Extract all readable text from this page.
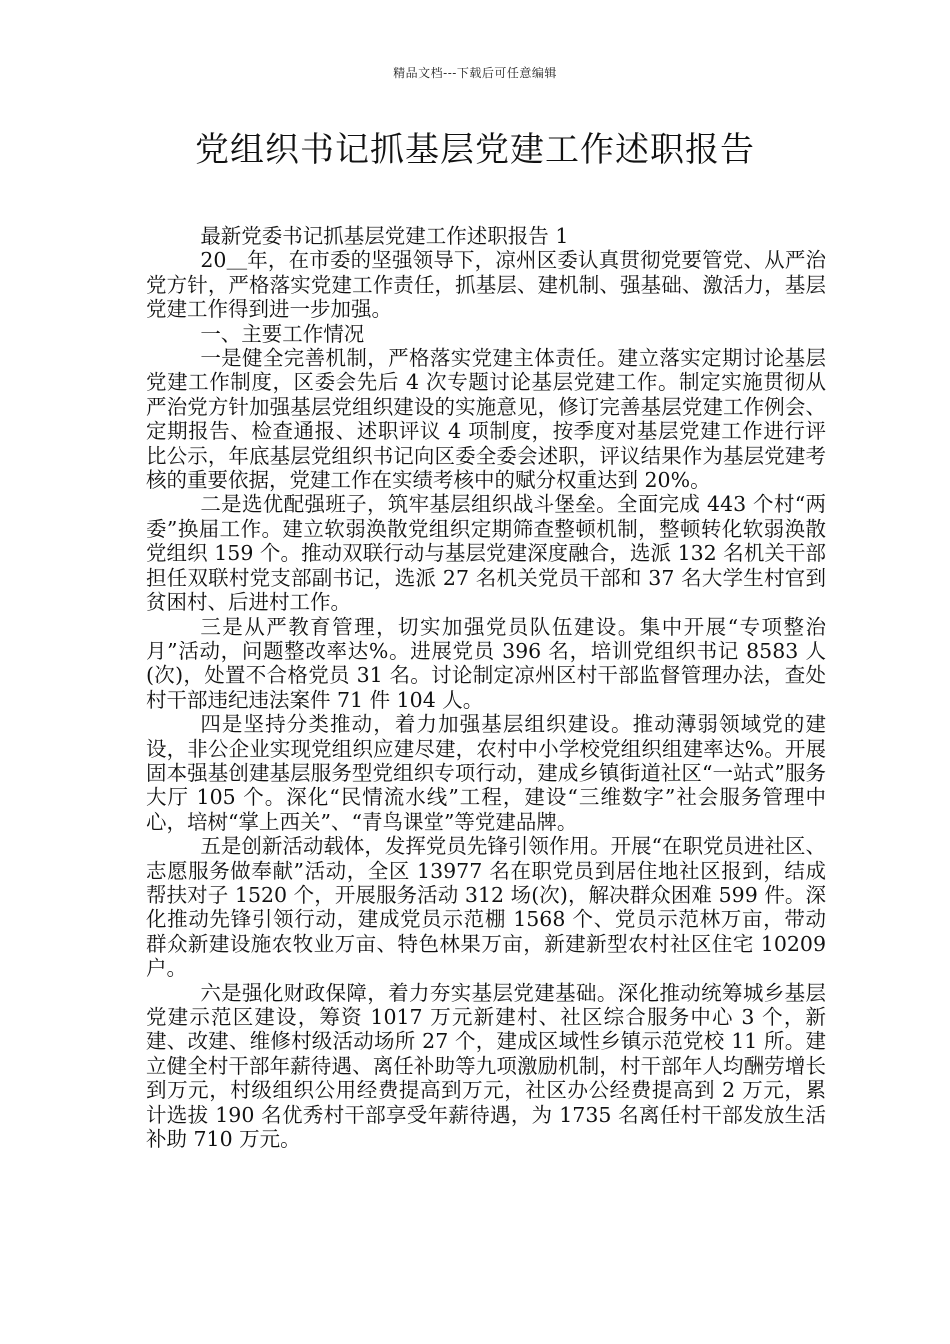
精品文档---下载后可任意编辑
党组织书记抓基层党建工作述职报告

最新党委书记抓基层党建工作述职报告 1

20＿年，在市委的坚强领导下，凉州区委认真贯彻党要管党、从严治党方针，严格落实党建工作责任，抓基层、建机制、强基础、激活力，基层党建工作得到进一步加强。

一、主要工作情况

一是健全完善机制，严格落实党建主体责任。建立落实定期讨论基层党建工作制度，区委会先后 4 次专题讨论基层党建工作。制定实施贯彻从严治党方针加强基层党组织建设的实施意见，修订完善基层党建工作例会、定期报告、检查通报、述职评议 4 项制度，按季度对基层党建工作进行评比公示，年底基层党组织书记向区委全委会述职，评议结果作为基层党建考核的重要依据，党建工作在实绩考核中的赋分权重达到 20%。

二是选优配强班子，筑牢基层组织战斗堡垒。全面完成 443 个村“两委”换届工作。建立软弱涣散党组织定期筛查整顿机制，整顿转化软弱涣散党组织 159 个。推动双联行动与基层党建深度融合，选派 132 名机关干部担任双联村党支部副书记，选派 27 名机关党员干部和 37 名大学生村官到贫困村、后进村工作。

三是从严教育管理，切实加强党员队伍建设。集中开展“专项整治月”活动，问题整改率达%。进展党员 396 名，培训党组织书记 8583 人(次)，处置不合格党员 31 名。讨论制定凉州区村干部监督管理办法，查处村干部违纪违法案件 71 件 104 人。

四是坚持分类推动，着力加强基层组织建设。推动薄弱领域党的建设，非公企业实现党组织应建尽建，农村中小学校党组织组建率达%。开展固本强基创建基层服务型党组织专项行动，建成乡镇街道社区“一站式”服务大厅 105 个。深化“民情流水线”工程，建设“三维数字”社会服务管理中心，培树“掌上西关”、“青鸟课堂”等党建品牌。

五是创新活动载体，发挥党员先锋引领作用。开展“在职党员进社区、志愿服务做奉献”活动，全区 13977 名在职党员到居住地社区报到，结成帮扶对子 1520 个，开展服务活动 312 场(次)，解决群众困难 599 件。深化推动先锋引领行动，建成党员示范棚 1568 个、党员示范林万亩，带动群众新建设施农牧业万亩、特色林果万亩，新建新型农村社区住宅 10209 户。

六是强化财政保障，着力夯实基层党建基础。深化推动统筹城乡基层党建示范区建设，筹资 1017 万元新建村、社区综合服务中心 3 个，新建、改建、维修村级活动场所 27 个，建成区域性乡镇示范党校 11 所。建立健全村干部年薪待遇、离任补助等九项激励机制，村干部年人均酬劳增长到万元，村级组织公用经费提高到万元，社区办公经费提高到 2 万元，累计选拔 190 名优秀村干部享受年薪待遇，为 1735 名离任村干部发放生活补助 710 万元。
